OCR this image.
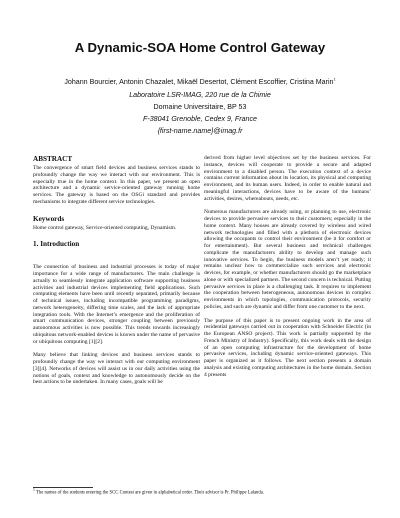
A Dynamic-SOA Home Control Gateway
Johann Bourcier, Antonin Chazalet, Mikaël Desertot, Clément Escoffier, Cristina Marin$^1$
Laboratoire LSR-IMAG, 220 rue de la Chimie
Domaine Universitaire, BP 53
F-38041 Grenoble, Cedex 9, France
{first-name.name}@imag.fr
ABSTRACT

The convergence of smart field devices and business services stands to profoundly change the way we interact with our environment. This is especially true in the home context. In this paper, we present an open architecture and a dynamic service-oriented gateway running home services. The gateway is based on the OSGi standard and provides mechanisms to integrate different service technologies.

Keywords

Home control gateway, Service-oriented computing, Dynamism.

1. Introduction

The connection of business and industrial processes is today of major importance for a wide range of manufacturers. The main challenge is actually to seamlessly integrate application software supporting business activities and industrial devices implementing field applications. Such computing elements have been until recently separated, primarily because of technical issues, including incompatible programming paradigms, network heterogeneity, differing time scales, and the lack of appropriate integration tools. With the Internet’s emergence and the proliferation of smart communication devices, stronger coupling between previously autonomous activities is now possible. This trends towards increasingly ubiquitous network-enabled devices is known under the name of pervasive or ubiquitous computing [1][2].

Many believe that linking devices and business services stands to profoundly change the way we interact with our computing environment [3][4]. Networks of devices will assist us in our daily activities using the notions of goals, context and knowledge to autonomously decide on the best actions to be undertaken. In many cases, goals will be

derived from higher level objectives set by the business services. For instance, devices will cooperate to provide a secure and adapted environment to a disabled person. The execution context of a device contains current information about its location, its physical and computing environment, and its human users. Indeed, in order to enable natural and meaningful interactions, devices have to be aware of the humans’ activities, desires, whereabouts, needs, etc.

Numerous manufacturers are already using, or planning to use, electronic devices to provide pervasive services to their customers; especially in the home context. Many houses are already covered by wireless and wired network technologies and filled with a plethora of electronic devices allowing the occupants to control their environment (be it for comfort or for entertainment). But several business and technical challenges complicate the manufacturers ability to develop and manage such innovative services. To begin, the business models aren’t yet ready; it remains unclear how to commercialize such services and electronic devices, for example, or whether manufacturers should go the marketplace alone or with specialized partners. The second concern is technical. Putting pervasive services in place is a challenging task. It requires to implement the cooperation between heterogeneous, autonomous devices in complex environments in which topologies, communication protocols, security policies, and such are dynamic and differ from one customer to the next.

The purpose of this paper is to present ongoing work in the area of residential gateways carried out in cooperation with Schneider Electric (in the European ANSO project). This work is partially supported by the French Ministry of Industry). Specifically, this work deals with the design of an open computing infrastructure for the development of home pervasive services, including dynamic service-oriented gateways. This paper is organized as it follows. The next section presents a domain analysis and existing computing architectures in the home domain. Section 4 presents

$^1$ The names of the students entering the SCC Contest are given in alphabetical order. Their advisor is Pr. Philippe Lalanda.
